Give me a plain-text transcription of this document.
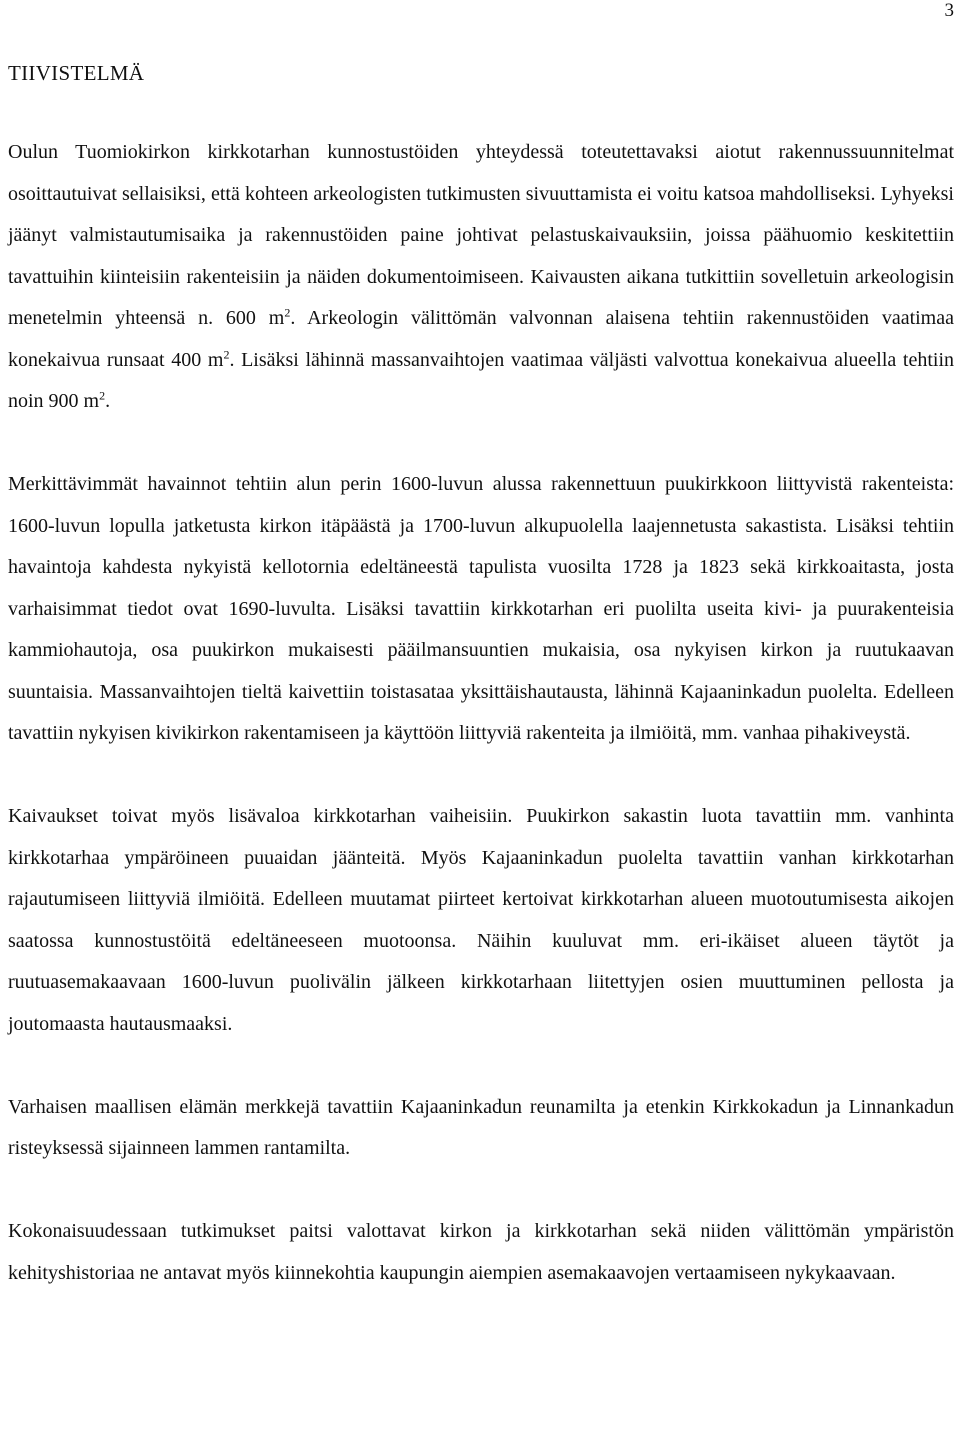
3
TIIVISTELMÄ

Oulun Tuomiokirkon kirkkotarhan kunnostustöiden yhteydessä toteutettavaksi aiotut rakennussuunnitelmat osoittautuivat sellaisiksi, että kohteen arkeologisten tutkimusten sivuuttamista ei voitu katsoa mahdolliseksi. Lyhyeksi jäänyt valmistautumisaika ja rakennustöiden paine johtivat pelastuskaivauksiin, joissa päähuomio keskitettiin tavattuihin kiinteisiin rakenteisiin ja näiden dokumentoimiseen. Kaivausten aikana tutkittiin sovelletuin arkeologisin menetelmin yhteensä n. 600 $m^2$. Arkeologin välittömän valvonnan alaisena tehtiin rakennustöiden vaatimaa konekaivua runsaat 400 $m^2$. Lisäksi lähinnä massanvaihtojen vaatimaa väljästi valvottua konekaivua alueella tehtiin noin 900 $m^2$.

Merkittävimmät havainnot tehtiin alun perin 1600-luvun alussa rakennettuun puukirkkoon liittyvistä rakenteista: 1600-luvun lopulla jatketusta kirkon itäpäästä ja 1700-luvun alkupuolella laajennetusta sakastista. Lisäksi tehtiin havaintoja kahdesta nykyistä kellotornia edeltäneestä tapulista vuosilta 1728 ja 1823 sekä kirkkoaitasta, josta varhaisimmat tiedot ovat 1690-luvulta. Lisäksi tavattiin kirkkotarhan eri puolilta useita kivi- ja puurakenteisia kammiohautoja, osa puukirkon mukaisesti pääilmansuuntien mukaisia, osa nykyisen kirkon ja ruutukaavan suuntaisia. Massanvaihtojen tieltä kaivettiin toistasataa yksittäishautausta, lähinnä Kajaaninkadun puolelta. Edelleen tavattiin nykyisen kivikirkon rakentamiseen ja käyttöön liittyviä rakenteita ja ilmiöitä, mm. vanhaa pihakiveystä.

Kaivaukset toivat myös lisävaloa kirkkotarhan vaiheisiin. Puukirkon sakastin luota tavattiin mm. vanhinta kirkkotarhaa ympäröineen puuaidan jäänteitä. Myös Kajaaninkadun puolelta tavattiin vanhan kirkkotarhan rajautumiseen liittyviä ilmiöitä. Edelleen muutamat piirteet kertoivat kirkkotarhan alueen muotoutumisesta aikojen saatossa kunnostustöitä edeltäneeseen muotoonsa. Näihin kuuluvat mm. eri-ikäiset alueen täytöt ja ruutuasemakaavaan 1600-luvun puolivälin jälkeen kirkkotarhaan liitettyjen osien muuttuminen pellosta ja joutomaasta hautausmaaksi.

Varhaisen maallisen elämän merkkejä tavattiin Kajaaninkadun reunamilta ja etenkin Kirkkokadun ja Linnankadun risteyksessä sijainneen lammen rantamilta.

Kokonaisuudessaan tutkimukset paitsi valottavat kirkon ja kirkkotarhan sekä niiden välittömän ympäristön kehityshistoriaa ne antavat myös kiinnekohtia kaupungin aiempien asemakaavojen vertaamiseen nykykaavaan.
